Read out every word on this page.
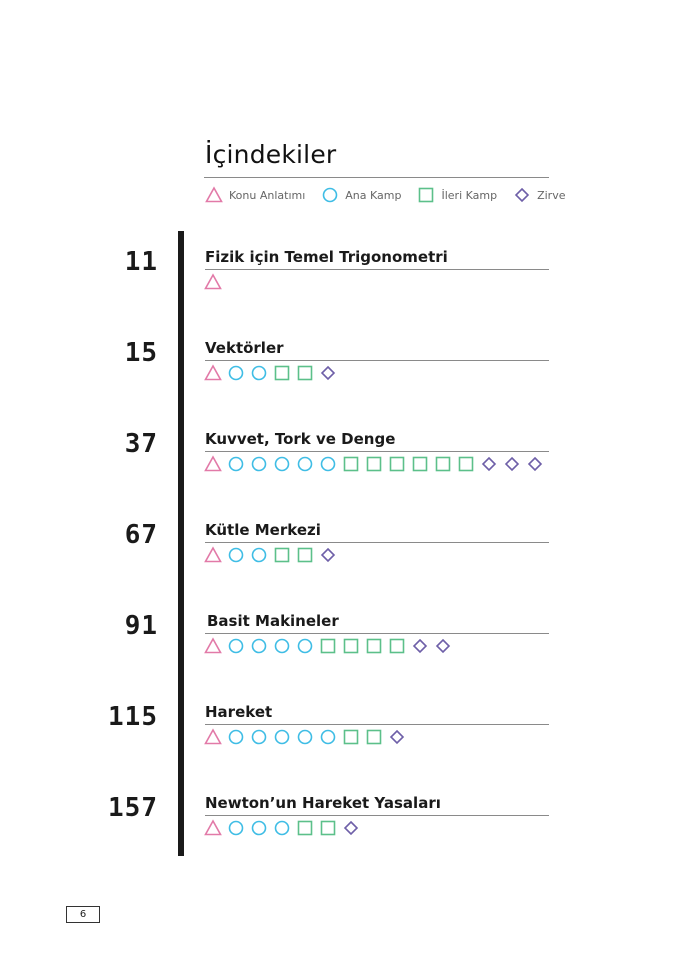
İçindekiler
Konu Anlatımı	Ana Kamp	İleri Kamp	Zirve
11	Fizik için Temel Trigonometri
15	Vektörler
37	Kuvvet, Tork ve Denge
67	Kütle Merkezi
91	Basit Makineler
115	Hareket
157	Newton’un Hareket Yasaları
6
